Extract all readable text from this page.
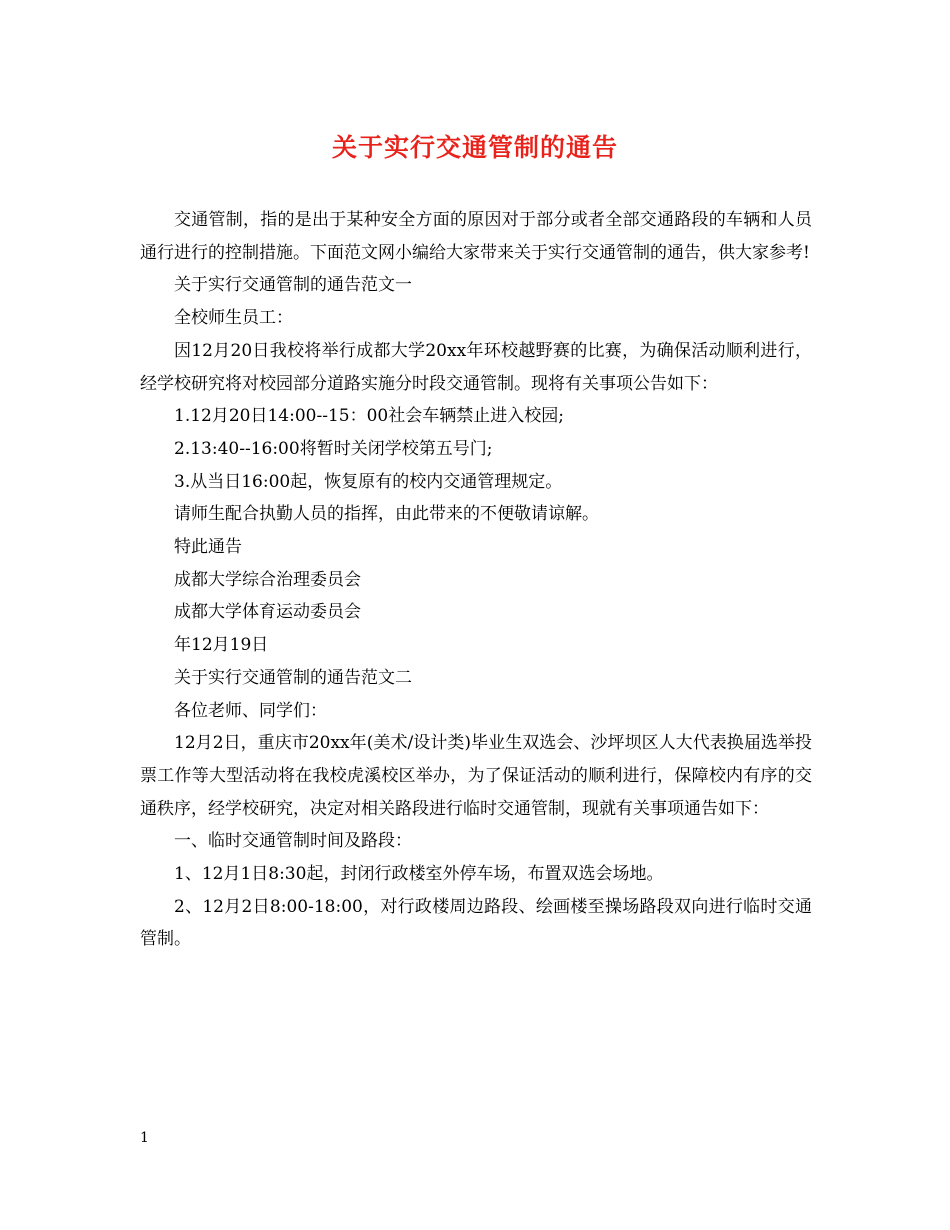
关于实行交通管制的通告

交通管制，指的是出于某种安全方面的原因对于部分或者全部交通路段的车辆和人员通行进行的控制措施。下面范文网小编给大家带来关于实行交通管制的通告，供大家参考!

关于实行交通管制的通告范文一

全校师生员工：

因12月20日我校将举行成都大学20xx年环校越野赛的比赛，为确保活动顺利进行，经学校研究将对校园部分道路实施分时段交通管制。现将有关事项公告如下：

1.12月20日14:00--15：00社会车辆禁止进入校园;

2.13:40--16:00将暂时关闭学校第五号门;

3.从当日16:00起，恢复原有的校内交通管理规定。

请师生配合执勤人员的指挥，由此带来的不便敬请谅解。

特此通告

成都大学综合治理委员会

成都大学体育运动委员会

年12月19日

关于实行交通管制的通告范文二

各位老师、同学们：

12月2日，重庆市20xx年(美术/设计类)毕业生双选会、沙坪坝区人大代表换届选举投票工作等大型活动将在我校虎溪校区举办，为了保证活动的顺利进行，保障校内有序的交通秩序，经学校研究，决定对相关路段进行临时交通管制，现就有关事项通告如下：

一、临时交通管制时间及路段：

1、12月1日8:30起，封闭行政楼室外停车场，布置双选会场地。

2、12月2日8:00-18:00，对行政楼周边路段、绘画楼至操场路段双向进行临时交通管制。

1
